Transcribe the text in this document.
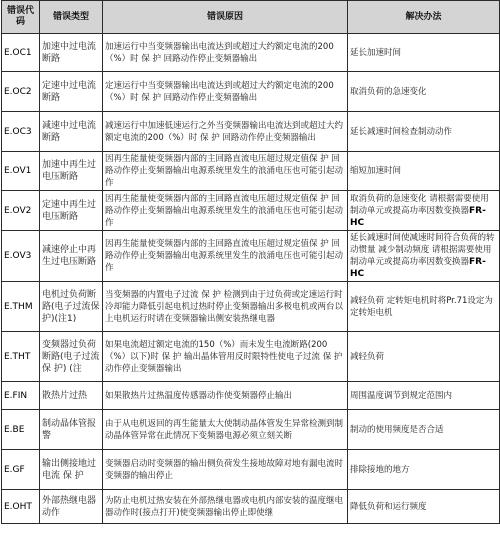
错误代码	错误类型	错误原因	解决办法
E.OC1	加速中过电流断路	加速运行中当变频器输出电流达到或超过大约额定电流的200（%）时 保 护 回路动作停止变频器输出	延长加速时间
E.OC2	定速中过电流断路	定速运行中当变频器输出电流达到或超过大约额定电流的200（%）时 保 护 回路动作停止变频器输出	取消负荷的急速变化
E.OC3	减速中过电流断路	减速运行中加速低速运行之外当变频器输出电流达到或超过大约额定电流的200（%）时 保 护 回路动作停止变频器输出	延长减速时间检查制动动作
E.OV1	加速中再生过电压断路	因再生能量使变频器内部的主回路直流电压超过规定值保 护 回路动作停止变频器输出电源系统里发生的浪涌电压也可能引起动作	缩短加速时间
E.OV2	定速中再生过电压断路	因再生能量使变频器内部的主回路直流电压超过规定值保 护 回路动作停止变频器输出电源系统里发生的浪涌电压也可能引起动作	取消负荷的急速变化 请根据需要使用制动单元或提高功率因数变换器FR-HC
E.OV3	减速停止中再生过电压断路	因再生能量使变频器内部的主回路直流电压超过规定值保 护 回路动作停止变频器输出电源系统里发生的浪涌电压也可能引起动作	延长减速时间使减速时间符合负荷的转动惯量 减少制动频度 请根据需要使用制动单元或提高功率因数变换器FR-HC
E.THM	电机过负荷断路(电子过流保 护)(注1)	当变频器的内置电子过流 保 护 检测到由于过负荷或定速运行时冷却能力降低引起电机过热时停止变频器输出多极电机或两台以上电机运行时请在变频器输出侧安装热继电器	减轻负荷 定转矩电机时将Pr.71设定为定转矩电机
E.THT	变频器过负荷断路(电子过流 保 护) (注	如果电流超过额定电流的150（%）而未发生电流断路(200（%）以下)时 保 护 输出晶体管用反时限特性使电子过流 保 护 动作停止变频器输出	减轻负荷
E.FIN	散热片过热	如果散热片过热温度传感器动作使变频器停止输出	周围温度调节到规定范围内
E.BE	制动晶体管报警	由于从电机返回的再生能量太大使制动晶体管发生异常检测到制动晶体管异常在此情况下变频器电源必须立刻关断	制动的使用频度是否合适
E.GF	输出侧接地过电流 保 护	变频器启动时变频器的输出侧负荷发生接地故障对地有漏电流时变频器的输出停止	排除接地的地方
E.OHT	外部热继电器动作	为防止电机过热安装在外部热继电器或电机内部安装的温度继电器动作时(接点打开)使变频器输出停止即使继	降低负荷和运行频度
